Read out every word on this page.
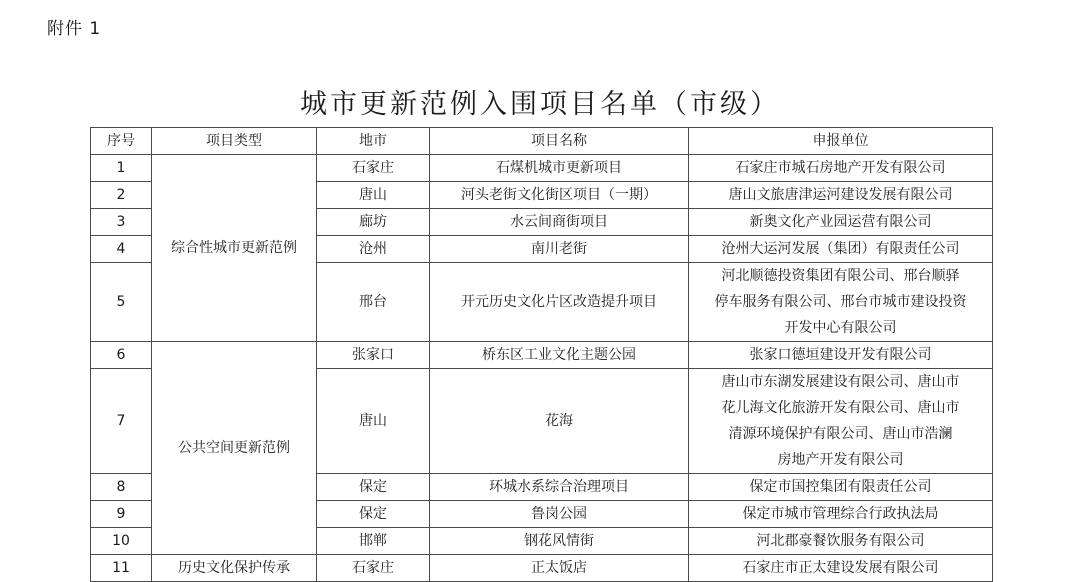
附件 1
城市更新范例入围项目名单（市级）
序号	项目类型	地市	项目名称	申报单位
1	综合性城市更新范例	石家庄	石煤机城市更新项目	石家庄市城石房地产开发有限公司
2		唐山	河头老街文化街区项目（一期）	唐山文旅唐津运河建设发展有限公司
3		廊坊	水云间商街项目	新奥文化产业园运营有限公司
4		沧州	南川老街	沧州大运河发展（集团）有限责任公司
5		邢台	开元历史文化片区改造提升项目	河北顺德投资集团有限公司、邢台顺驿
停车服务有限公司、邢台市城市建设投资
开发中心有限公司

6	公共空间更新范例	张家口	桥东区工业文化主题公园	张家口德垣建设开发有限公司
7		唐山	花海	唐山市东湖发展建设有限公司、唐山市
花儿海文化旅游开发有限公司、唐山市
清源环境保护有限公司、唐山市浩澜
房地产开发有限公司

8		保定	环城水系综合治理项目	保定市国控集团有限责任公司
9		保定	鲁岗公园	保定市城市管理综合行政执法局
10		邯郸	钢花风情街	河北郡豪餐饮服务有限公司
11	历史文化保护传承	石家庄	正太饭店	石家庄市正太建设发展有限公司
